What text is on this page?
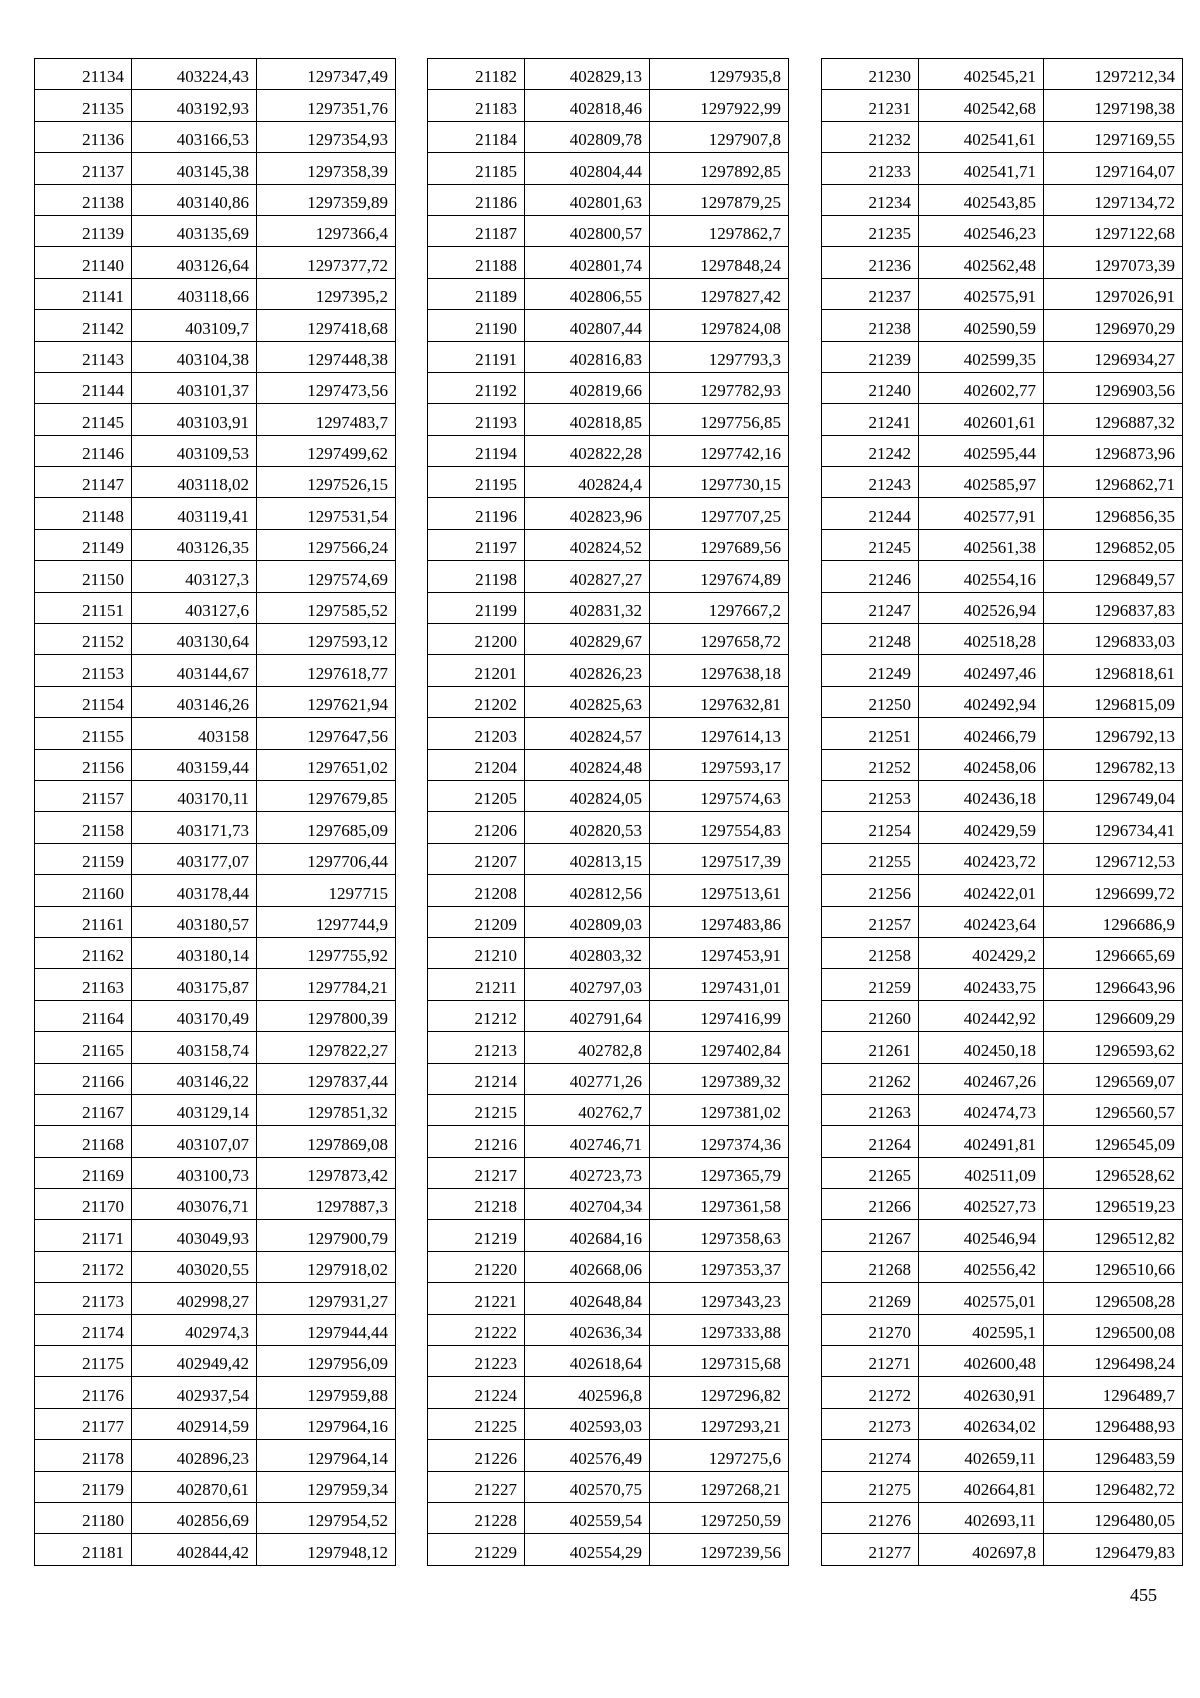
21134	403224,43	1297347,49
21135	403192,93	1297351,76
21136	403166,53	1297354,93
21137	403145,38	1297358,39
21138	403140,86	1297359,89
21139	403135,69	1297366,4
21140	403126,64	1297377,72
21141	403118,66	1297395,2
21142	403109,7	1297418,68
21143	403104,38	1297448,38
21144	403101,37	1297473,56
21145	403103,91	1297483,7
21146	403109,53	1297499,62
21147	403118,02	1297526,15
21148	403119,41	1297531,54
21149	403126,35	1297566,24
21150	403127,3	1297574,69
21151	403127,6	1297585,52
21152	403130,64	1297593,12
21153	403144,67	1297618,77
21154	403146,26	1297621,94
21155	403158	1297647,56
21156	403159,44	1297651,02
21157	403170,11	1297679,85
21158	403171,73	1297685,09
21159	403177,07	1297706,44
21160	403178,44	1297715
21161	403180,57	1297744,9
21162	403180,14	1297755,92
21163	403175,87	1297784,21
21164	403170,49	1297800,39
21165	403158,74	1297822,27
21166	403146,22	1297837,44
21167	403129,14	1297851,32
21168	403107,07	1297869,08
21169	403100,73	1297873,42
21170	403076,71	1297887,3
21171	403049,93	1297900,79
21172	403020,55	1297918,02
21173	402998,27	1297931,27
21174	402974,3	1297944,44
21175	402949,42	1297956,09
21176	402937,54	1297959,88
21177	402914,59	1297964,16
21178	402896,23	1297964,14
21179	402870,61	1297959,34
21180	402856,69	1297954,52
21181	402844,42	1297948,12
21182	402829,13	1297935,8
21183	402818,46	1297922,99
21184	402809,78	1297907,8
21185	402804,44	1297892,85
21186	402801,63	1297879,25
21187	402800,57	1297862,7
21188	402801,74	1297848,24
21189	402806,55	1297827,42
21190	402807,44	1297824,08
21191	402816,83	1297793,3
21192	402819,66	1297782,93
21193	402818,85	1297756,85
21194	402822,28	1297742,16
21195	402824,4	1297730,15
21196	402823,96	1297707,25
21197	402824,52	1297689,56
21198	402827,27	1297674,89
21199	402831,32	1297667,2
21200	402829,67	1297658,72
21201	402826,23	1297638,18
21202	402825,63	1297632,81
21203	402824,57	1297614,13
21204	402824,48	1297593,17
21205	402824,05	1297574,63
21206	402820,53	1297554,83
21207	402813,15	1297517,39
21208	402812,56	1297513,61
21209	402809,03	1297483,86
21210	402803,32	1297453,91
21211	402797,03	1297431,01
21212	402791,64	1297416,99
21213	402782,8	1297402,84
21214	402771,26	1297389,32
21215	402762,7	1297381,02
21216	402746,71	1297374,36
21217	402723,73	1297365,79
21218	402704,34	1297361,58
21219	402684,16	1297358,63
21220	402668,06	1297353,37
21221	402648,84	1297343,23
21222	402636,34	1297333,88
21223	402618,64	1297315,68
21224	402596,8	1297296,82
21225	402593,03	1297293,21
21226	402576,49	1297275,6
21227	402570,75	1297268,21
21228	402559,54	1297250,59
21229	402554,29	1297239,56
21230	402545,21	1297212,34
21231	402542,68	1297198,38
21232	402541,61	1297169,55
21233	402541,71	1297164,07
21234	402543,85	1297134,72
21235	402546,23	1297122,68
21236	402562,48	1297073,39
21237	402575,91	1297026,91
21238	402590,59	1296970,29
21239	402599,35	1296934,27
21240	402602,77	1296903,56
21241	402601,61	1296887,32
21242	402595,44	1296873,96
21243	402585,97	1296862,71
21244	402577,91	1296856,35
21245	402561,38	1296852,05
21246	402554,16	1296849,57
21247	402526,94	1296837,83
21248	402518,28	1296833,03
21249	402497,46	1296818,61
21250	402492,94	1296815,09
21251	402466,79	1296792,13
21252	402458,06	1296782,13
21253	402436,18	1296749,04
21254	402429,59	1296734,41
21255	402423,72	1296712,53
21256	402422,01	1296699,72
21257	402423,64	1296686,9
21258	402429,2	1296665,69
21259	402433,75	1296643,96
21260	402442,92	1296609,29
21261	402450,18	1296593,62
21262	402467,26	1296569,07
21263	402474,73	1296560,57
21264	402491,81	1296545,09
21265	402511,09	1296528,62
21266	402527,73	1296519,23
21267	402546,94	1296512,82
21268	402556,42	1296510,66
21269	402575,01	1296508,28
21270	402595,1	1296500,08
21271	402600,48	1296498,24
21272	402630,91	1296489,7
21273	402634,02	1296488,93
21274	402659,11	1296483,59
21275	402664,81	1296482,72
21276	402693,11	1296480,05
21277	402697,8	1296479,83
455
